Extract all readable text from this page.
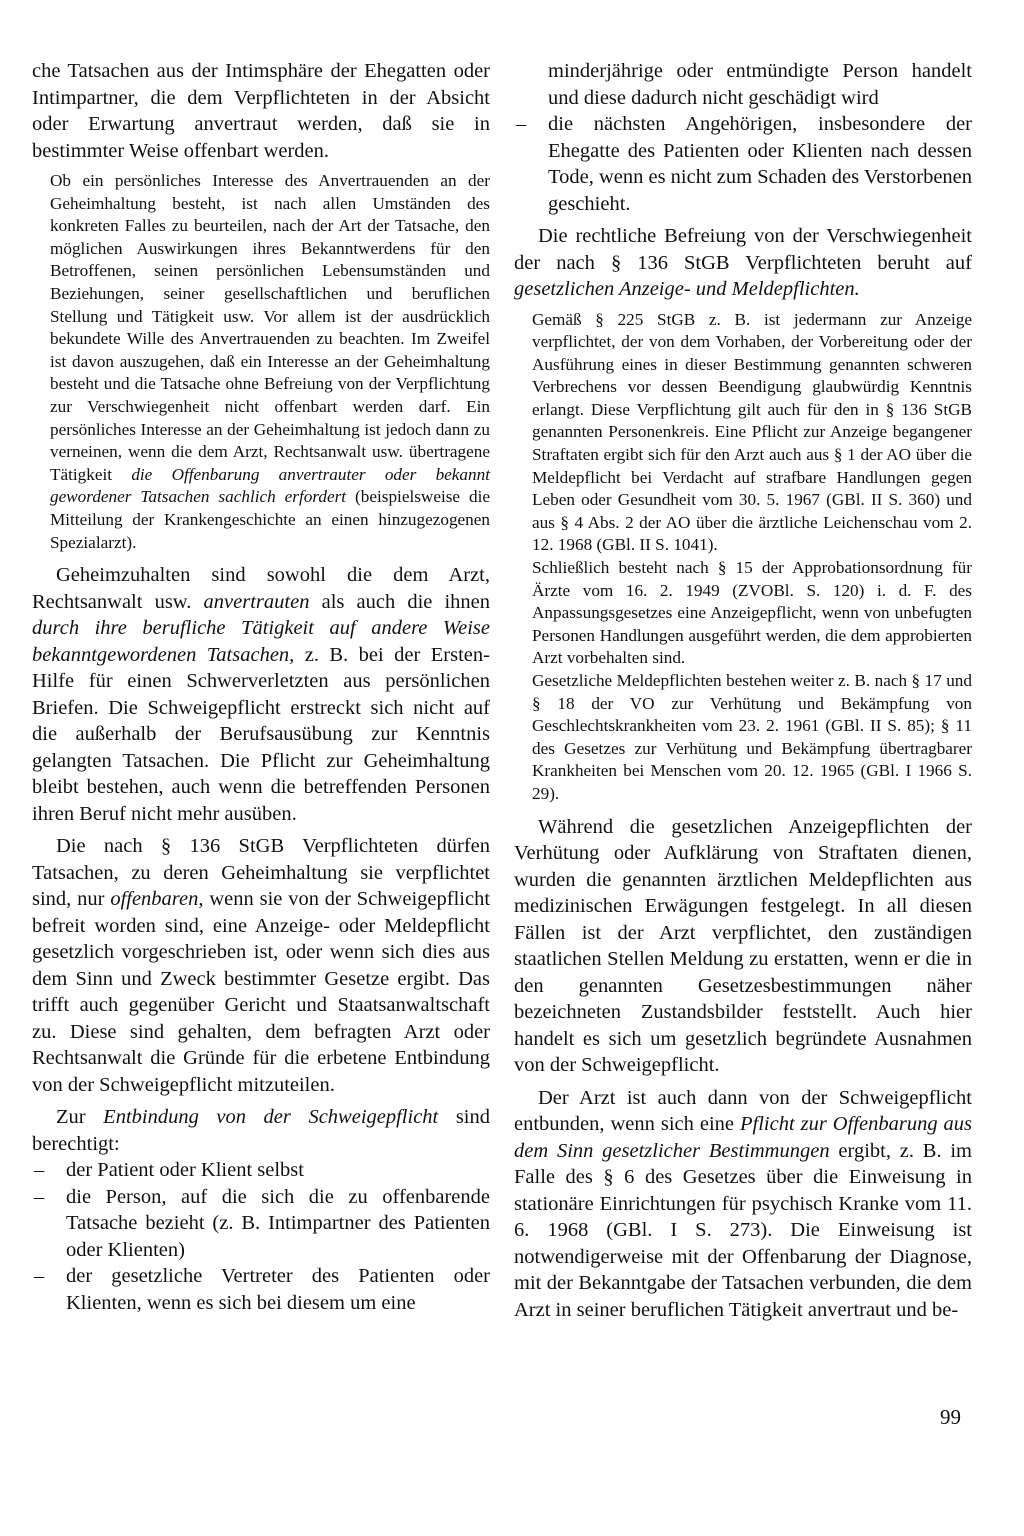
che Tatsachen aus der Intimsphäre der Ehegatten oder Intimpartner, die dem Verpflichteten in der Absicht oder Erwartung anvertraut werden, daß sie in bestimmter Weise offenbart werden.

Ob ein persönliches Interesse des Anvertrauenden an der Geheimhaltung besteht, ist nach allen Umständen des konkreten Falles zu beurteilen, nach der Art der Tatsache, den möglichen Auswirkungen ihres Bekanntwerdens für den Betroffenen, seinen persönlichen Lebensumständen und Beziehungen, seiner gesellschaftlichen und beruflichen Stellung und Tätigkeit usw. Vor allem ist der ausdrücklich bekundete Wille des Anvertrauenden zu beachten. Im Zweifel ist davon auszugehen, daß ein Interesse an der Geheimhaltung besteht und die Tatsache ohne Befreiung von der Verpflichtung zur Verschwiegenheit nicht offenbart werden darf. Ein persönliches Interesse an der Geheimhaltung ist jedoch dann zu verneinen, wenn die dem Arzt, Rechtsanwalt usw. übertragene Tätigkeit die Offenbarung anvertrauter oder bekannt gewordener Tatsachen sachlich erfordert (beispielsweise die Mitteilung der Krankengeschichte an einen hinzugezogenen Spezialarzt).

Geheimzuhalten sind sowohl die dem Arzt, Rechtsanwalt usw. anvertrauten als auch die ihnen durch ihre berufliche Tätigkeit auf andere Weise bekanntgewordenen Tatsachen, z. B. bei der Ersten-Hilfe für einen Schwerverletzten aus persönlichen Briefen. Die Schweigepflicht erstreckt sich nicht auf die außerhalb der Berufsausübung zur Kenntnis gelangten Tatsachen. Die Pflicht zur Geheimhaltung bleibt bestehen, auch wenn die betreffenden Personen ihren Beruf nicht mehr ausüben.

Die nach § 136 StGB Verpflichteten dürfen Tatsachen, zu deren Geheimhaltung sie verpflichtet sind, nur offenbaren, wenn sie von der Schweigepflicht befreit worden sind, eine Anzeige- oder Meldepflicht gesetzlich vorgeschrieben ist, oder wenn sich dies aus dem Sinn und Zweck bestimmter Gesetze ergibt. Das trifft auch gegenüber Gericht und Staatsanwaltschaft zu. Diese sind gehalten, dem befragten Arzt oder Rechtsanwalt die Gründe für die erbetene Entbindung von der Schweigepflicht mitzuteilen.

Zur Entbindung von der Schweigepflicht sind berechtigt:

– der Patient oder Klient selbst
– die Person, auf die sich die zu offenbarende Tatsache bezieht (z. B. Intimpartner des Patienten oder Klienten)
– der gesetzliche Vertreter des Patienten oder Klienten, wenn es sich bei diesem um eine
minderjährige oder entmündigte Person handelt und diese dadurch nicht geschädigt wird
– die nächsten Angehörigen, insbesondere der Ehegatte des Patienten oder Klienten nach dessen Tode, wenn es nicht zum Schaden des Verstorbenen geschieht.

Die rechtliche Befreiung von der Verschwiegenheit der nach § 136 StGB Verpflichteten beruht auf gesetzlichen Anzeige- und Meldepflichten.

Gemäß § 225 StGB z. B. ist jedermann zur Anzeige verpflichtet, der von dem Vorhaben, der Vorbereitung oder der Ausführung eines in dieser Bestimmung genannten schweren Verbrechens vor dessen Beendigung glaubwürdig Kenntnis erlangt. Diese Verpflichtung gilt auch für den in § 136 StGB genannten Personenkreis. Eine Pflicht zur Anzeige begangener Straftaten ergibt sich für den Arzt auch aus § 1 der AO über die Meldepflicht bei Verdacht auf strafbare Handlungen gegen Leben oder Gesundheit vom 30. 5. 1967 (GBl. II S. 360) und aus § 4 Abs. 2 der AO über die ärztliche Leichenschau vom 2. 12. 1968 (GBl. II S. 1041).

Schließlich besteht nach § 15 der Approbationsordnung für Ärzte vom 16. 2. 1949 (ZVOBl. S. 120) i. d. F. des Anpassungsgesetzes eine Anzeigepflicht, wenn von unbefugten Personen Handlungen ausgeführt werden, die dem approbierten Arzt vorbehalten sind.

Gesetzliche Meldepflichten bestehen weiter z. B. nach § 17 und § 18 der VO zur Verhütung und Bekämpfung von Geschlechtskrankheiten vom 23. 2. 1961 (GBl. II S. 85); § 11 des Gesetzes zur Verhütung und Bekämpfung übertragbarer Krankheiten bei Menschen vom 20. 12. 1965 (GBl. I 1966 S. 29).

Während die gesetzlichen Anzeigepflichten der Verhütung oder Aufklärung von Straftaten dienen, wurden die genannten ärztlichen Meldepflichten aus medizinischen Erwägungen festgelegt. In all diesen Fällen ist der Arzt verpflichtet, den zuständigen staatlichen Stellen Meldung zu erstatten, wenn er die in den genannten Gesetzesbestimmungen näher bezeichneten Zustandsbilder feststellt. Auch hier handelt es sich um gesetzlich begründete Ausnahmen von der Schweigepflicht.

Der Arzt ist auch dann von der Schweigepflicht entbunden, wenn sich eine Pflicht zur Offenbarung aus dem Sinn gesetzlicher Bestimmungen ergibt, z. B. im Falle des § 6 des Gesetzes über die Einweisung in stationäre Einrichtungen für psychisch Kranke vom 11. 6. 1968 (GBl. I S. 273). Die Einweisung ist notwendigerweise mit der Offenbarung der Diagnose, mit der Bekanntgabe der Tatsachen verbunden, die dem Arzt in seiner beruflichen Tätigkeit anvertraut und be-

99
